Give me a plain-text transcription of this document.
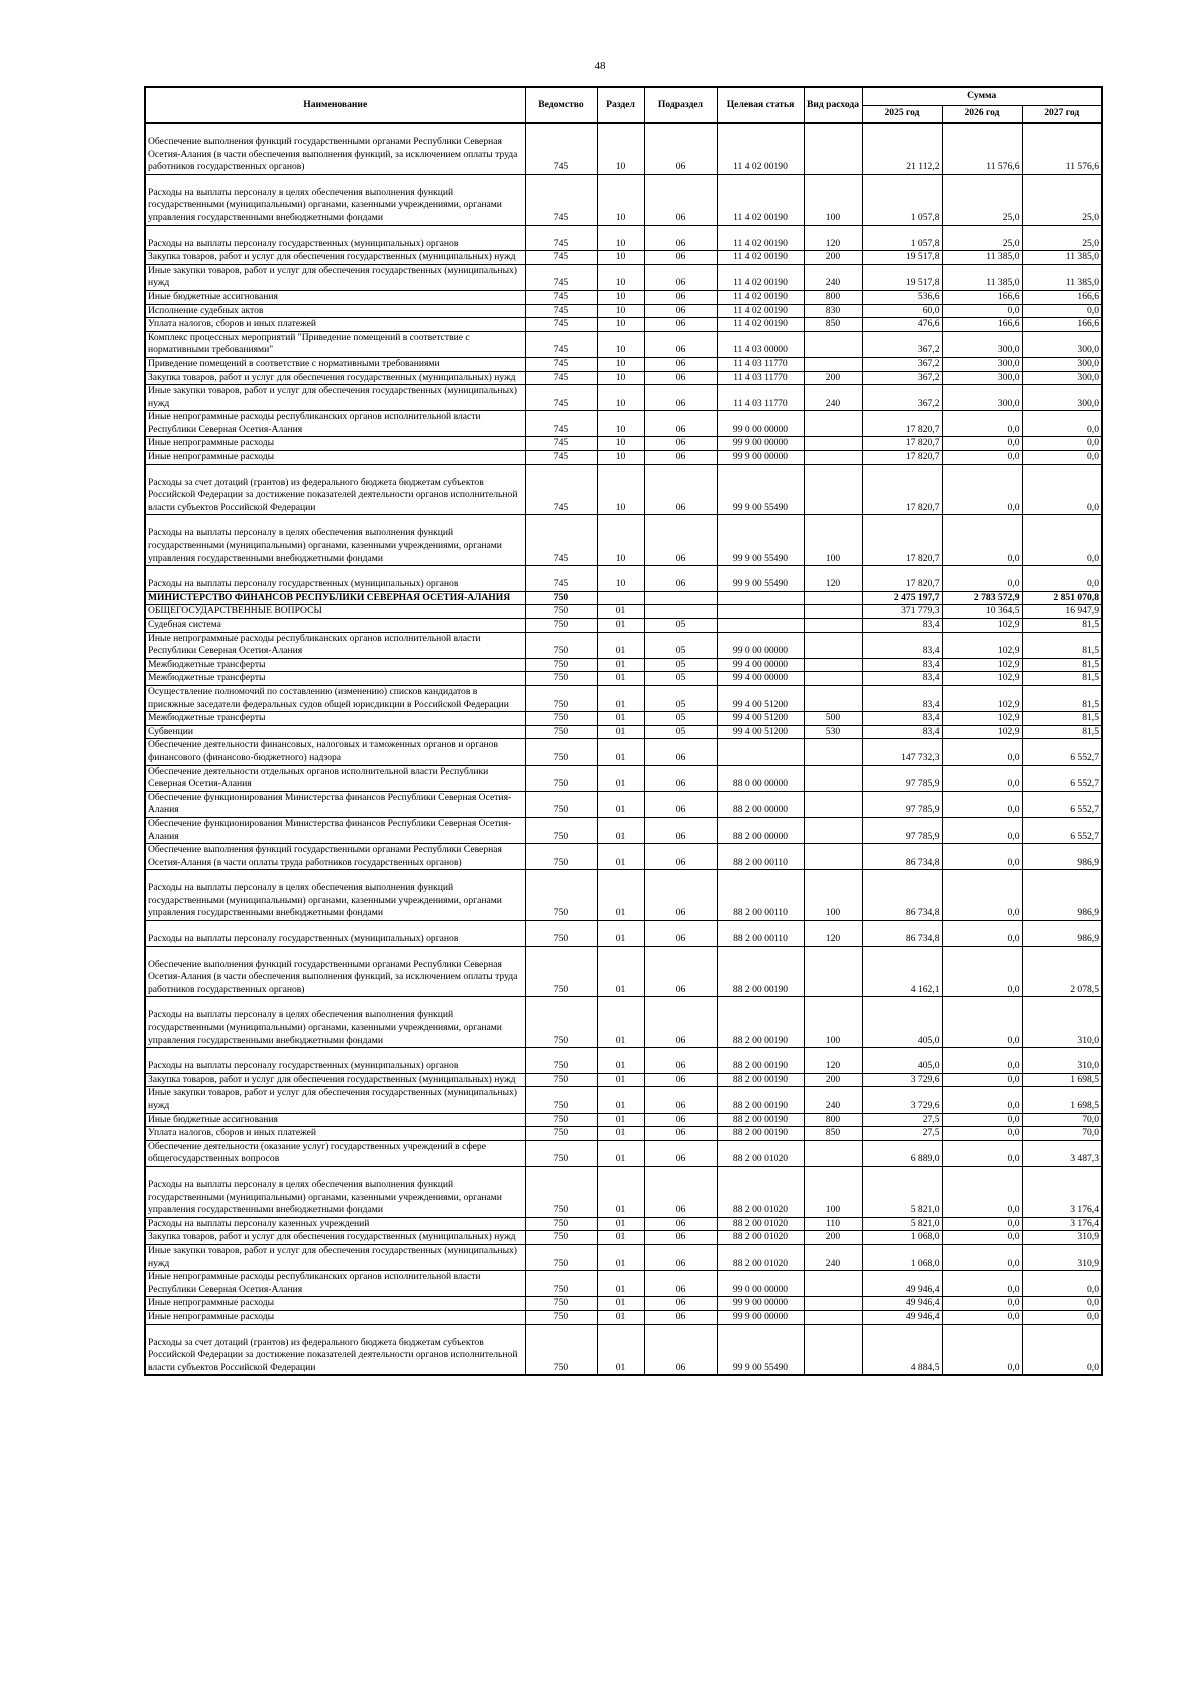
48
Наименование	Ведомство	Раздел	Подраздел	Целевая статья	Вид расхода	Сумма		
						2025 год	2026 год	2027 год
Обеспечение выполнения функций государственными органами Республики Северная Осетия-Алания (в части обеспечения выполнения функций, за исключением оплаты труда работников государственных органов)	745	10	06	11 4 02 00190		21 112,2	11 576,6	11 576,6
Расходы на выплаты персоналу в целях обеспечения выполнения функций государственными (муниципальными) органами, казенными учреждениями, органами управления государственными внебюджетными фондами	745	10	06	11 4 02 00190	100	1 057,8	25,0	25,0
Расходы на выплаты персоналу государственных (муниципальных) органов	745	10	06	11 4 02 00190	120	1 057,8	25,0	25,0
Закупка товаров, работ и услуг для обеспечения государственных (муниципальных) нужд	745	10	06	11 4 02 00190	200	19 517,8	11 385,0	11 385,0
Иные закупки товаров, работ и услуг для обеспечения государственных (муниципальных) нужд	745	10	06	11 4 02 00190	240	19 517,8	11 385,0	11 385,0
Иные бюджетные ассигнования	745	10	06	11 4 02 00190	800	536,6	166,6	166,6
Исполнение судебных актов	745	10	06	11 4 02 00190	830	60,0	0,0	0,0
Уплата налогов, сборов и иных платежей	745	10	06	11 4 02 00190	850	476,6	166,6	166,6
Комплекс процессных мероприятий "Приведение помещений в соответствие с нормативными требованиями"	745	10	06	11 4 03 00000		367,2	300,0	300,0
Приведение помещений в соответствие с нормативными требованиями	745	10	06	11 4 03 11770		367,2	300,0	300,0
Закупка товаров, работ и услуг для обеспечения государственных (муниципальных) нужд	745	10	06	11 4 03 11770	200	367,2	300,0	300,0
Иные закупки товаров, работ и услуг для обеспечения государственных (муниципальных) нужд	745	10	06	11 4 03 11770	240	367,2	300,0	300,0
Иные непрограммные расходы республиканских органов исполнительной власти Республики Северная Осетия-Алания	745	10	06	99 0 00 00000		17 820,7	0,0	0,0
Иные непрограммные расходы	745	10	06	99 9 00 00000		17 820,7	0,0	0,0
Иные непрограммные расходы	745	10	06	99 9 00 00000		17 820,7	0,0	0,0
Расходы за счет дотаций (грантов) из федерального бюджета бюджетам субъектов Российской Федерации за достижение показателей деятельности органов исполнительной власти субъектов Российской Федерации	745	10	06	99 9 00 55490		17 820,7	0,0	0,0
Расходы на выплаты персоналу в целях обеспечения выполнения функций государственными (муниципальными) органами, казенными учреждениями, органами управления государственными внебюджетными фондами	745	10	06	99 9 00 55490	100	17 820,7	0,0	0,0
Расходы на выплаты персоналу государственных (муниципальных) органов	745	10	06	99 9 00 55490	120	17 820,7	0,0	0,0
МИНИСТЕРСТВО ФИНАНСОВ РЕСПУБЛИКИ СЕВЕРНАЯ ОСЕТИЯ-АЛАНИЯ	750					2 475 197,7	2 783 572,9	2 851 070,8
ОБЩЕГОСУДАРСТВЕННЫЕ ВОПРОСЫ	750	01				371 779,3	10 364,5	16 947,9
Судебная система	750	01	05			83,4	102,9	81,5
Иные непрограммные расходы республиканских органов исполнительной власти Республики Северная Осетия-Алания	750	01	05	99 0 00 00000		83,4	102,9	81,5
Межбюджетные трансферты	750	01	05	99 4 00 00000		83,4	102,9	81,5
Межбюджетные трансферты	750	01	05	99 4 00 00000		83,4	102,9	81,5
Осуществление полномочий по составлению (изменению) списков кандидатов в присяжные заседатели федеральных судов общей юрисдикции в Российской Федерации	750	01	05	99 4 00 51200		83,4	102,9	81,5
Межбюджетные трансферты	750	01	05	99 4 00 51200	500	83,4	102,9	81,5
Субвенции	750	01	05	99 4 00 51200	530	83,4	102,9	81,5
Обеспечение деятельности финансовых, налоговых и таможенных органов и органов финансового (финансово-бюджетного) надзора	750	01	06			147 732,3	0,0	6 552,7
Обеспечение деятельности отдельных органов исполнительной власти Республики Северная Осетия-Алания	750	01	06	88 0 00 00000		97 785,9	0,0	6 552,7
Обеспечение функционирования Министерства финансов Республики Северная Осетия-Алания	750	01	06	88 2 00 00000		97 785,9	0,0	6 552,7
Обеспечение функционирования Министерства финансов Республики Северная Осетия-Алания	750	01	06	88 2 00 00000		97 785,9	0,0	6 552,7
Обеспечение выполнения функций государственными органами Республики Северная Осетия-Алания (в части оплаты труда работников государственных органов)	750	01	06	88 2 00 00110		86 734,8	0,0	986,9
Расходы на выплаты персоналу в целях обеспечения выполнения функций государственными (муниципальными) органами, казенными учреждениями, органами управления государственными внебюджетными фондами	750	01	06	88 2 00 00110	100	86 734,8	0,0	986,9
Расходы на выплаты персоналу государственных (муниципальных) органов	750	01	06	88 2 00 00110	120	86 734,8	0,0	986,9
Обеспечение выполнения функций государственными органами Республики Северная Осетия-Алания (в части обеспечения выполнения функций, за исключением оплаты труда работников государственных органов)	750	01	06	88 2 00 00190		4 162,1	0,0	2 078,5
Расходы на выплаты персоналу в целях обеспечения выполнения функций государственными (муниципальными) органами, казенными учреждениями, органами управления государственными внебюджетными фондами	750	01	06	88 2 00 00190	100	405,0	0,0	310,0
Расходы на выплаты персоналу государственных (муниципальных) органов	750	01	06	88 2 00 00190	120	405,0	0,0	310,0
Закупка товаров, работ и услуг для обеспечения государственных (муниципальных) нужд	750	01	06	88 2 00 00190	200	3 729,6	0,0	1 698,5
Иные закупки товаров, работ и услуг для обеспечения государственных (муниципальных) нужд	750	01	06	88 2 00 00190	240	3 729,6	0,0	1 698,5
Иные бюджетные ассигнования	750	01	06	88 2 00 00190	800	27,5	0,0	70,0
Уплата налогов, сборов и иных платежей	750	01	06	88 2 00 00190	850	27,5	0,0	70,0
Обеспечение деятельности (оказание услуг) государственных учреждений в сфере общегосударственных вопросов	750	01	06	88 2 00 01020		6 889,0	0,0	3 487,3
Расходы на выплаты персоналу в целях обеспечения выполнения функций государственными (муниципальными) органами, казенными учреждениями, органами управления государственными внебюджетными фондами	750	01	06	88 2 00 01020	100	5 821,0	0,0	3 176,4
Расходы на выплаты персоналу казенных учреждений	750	01	06	88 2 00 01020	110	5 821,0	0,0	3 176,4
Закупка товаров, работ и услуг для обеспечения государственных (муниципальных) нужд	750	01	06	88 2 00 01020	200	1 068,0	0,0	310,9
Иные закупки товаров, работ и услуг для обеспечения государственных (муниципальных) нужд	750	01	06	88 2 00 01020	240	1 068,0	0,0	310,9
Иные непрограммные расходы республиканских органов исполнительной власти Республики Северная Осетия-Алания	750	01	06	99 0 00 00000		49 946,4	0,0	0,0
Иные непрограммные расходы	750	01	06	99 9 00 00000		49 946,4	0,0	0,0
Иные непрограммные расходы	750	01	06	99 9 00 00000		49 946,4	0,0	0,0
Расходы за счет дотаций (грантов) из федерального бюджета бюджетам субъектов Российской Федерации за достижение показателей деятельности органов исполнительной власти субъектов Российской Федерации	750	01	06	99 9 00 55490		4 884,5	0,0	0,0
